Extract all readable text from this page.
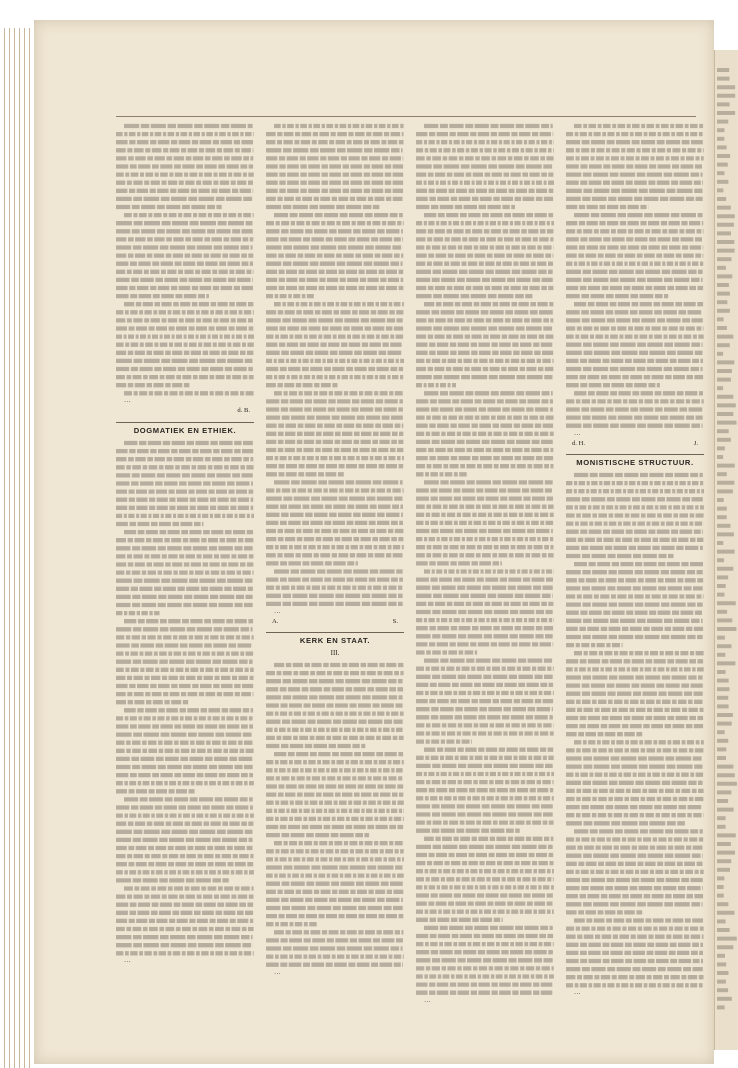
…

d. B.
DOGMATIEK EN ETHIEK.

…

…

A.	S.
KERK EN STAAT.
III.

…

…

…

d. H.	J.
MONISTISCHE STRUCTUUR.

…
